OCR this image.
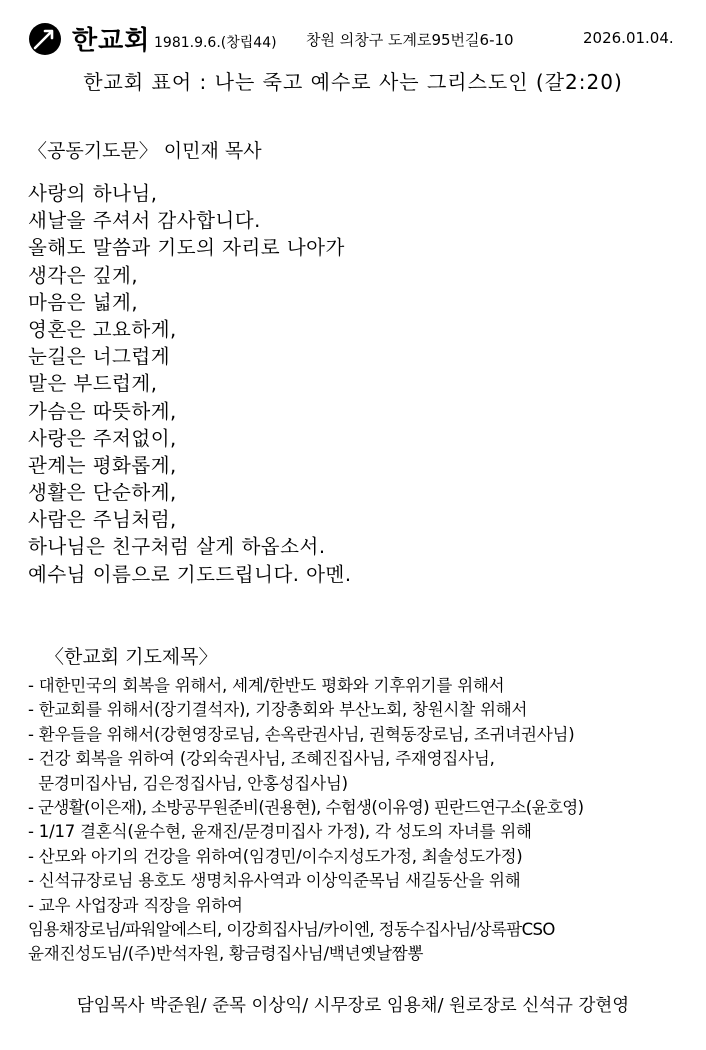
한교회 1981.9.6.(창립44) 창원 의창구 도계로95번길6-10	2026.01.04.
한교회 표어 : 나는 죽고 예수로 사는 그리스도인 (갈2:20)
〈공동기도문〉 이민재 목사
사랑의 하나님,
새날을 주셔서 감사합니다.
올해도 말씀과 기도의 자리로 나아가
생각은 깊게,
마음은 넓게,
영혼은 고요하게,
눈길은 너그럽게
말은 부드럽게,
가슴은 따뜻하게,
사랑은 주저없이,
관계는 평화롭게,
생활은 단순하게,
사람은 주님처럼,
하나님은 친구처럼 살게 하옵소서.
예수님 이름으로 기도드립니다. 아멘.
〈한교회 기도제목〉
- 대한민국의 회복을 위해서, 세계/한반도 평화와 기후위기를 위해서
- 한교회를 위해서(장기결석자), 기장총회와 부산노회, 창원시찰 위해서
- 환우들을 위해서(강현영장로님, 손옥란권사님, 권혁동장로님, 조귀녀권사님)
- 건강 회복을 위하여 (강외숙권사님, 조혜진집사님, 주재영집사님,
문경미집사님, 김은정집사님, 안홍성집사님)
- 군생활(이은재), 소방공무원준비(권용현), 수험생(이유영) 핀란드연구소(윤호영)
- 1/17 결혼식(윤수현, 윤재진/문경미집사 가정), 각 성도의 자녀를 위해
- 산모와 아기의 건강을 위하여(임경민/이수지성도가정, 최솔성도가정)
- 신석규장로님 용호도 생명치유사역과 이상익준목님 새길동산을 위해
- 교우 사업장과 직장을 위하여
임용채장로님/파워알에스티, 이강희집사님/카이엔, 정동수집사님/상록팜CSO
윤재진성도님/(주)반석자원, 황금령집사님/백년옛날짬뽕
담임목사 박준원/ 준목 이상익/ 시무장로 임용채/ 원로장로 신석규 강현영
